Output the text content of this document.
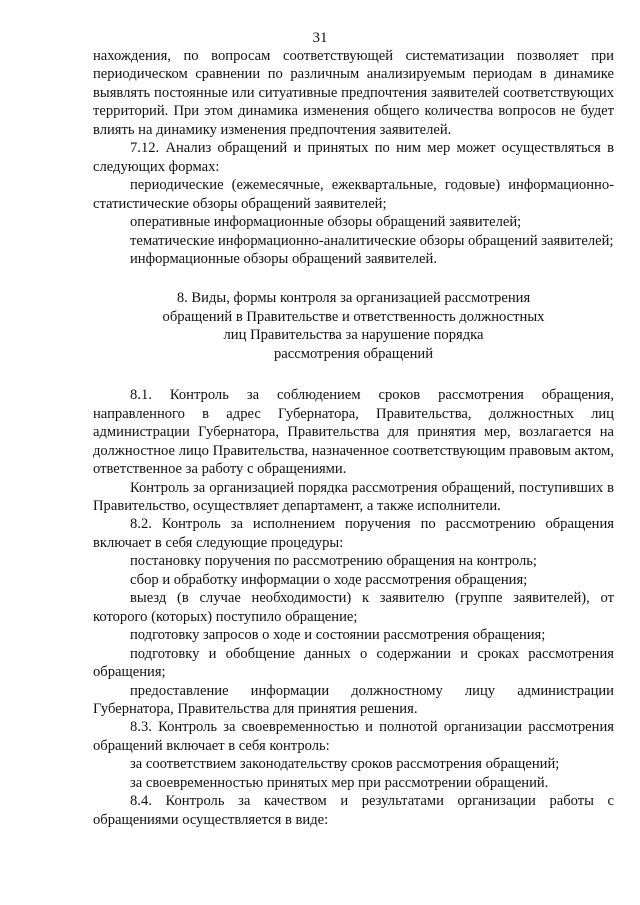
31

нахождения, по вопросам соответствующей систематизации позволяет при периодическом сравнении по различным анализируемым периодам в динамике выявлять постоянные или ситуативные предпочтения заявителей соответствующих территорий. При этом динамика изменения общего количества вопросов не будет влиять на динамику изменения предпочтения заявителей.

7.12. Анализ обращений и принятых по ним мер может осуществляться в следующих формах:

периодические (ежемесячные, ежеквартальные, годовые) информационно-статистические обзоры обращений заявителей;

оперативные информационные обзоры обращений заявителей;

тематические информационно-аналитические обзоры обращений заявителей;

информационные обзоры обращений заявителей.

8. Виды, формы контроля за организацией рассмотрения
обращений в Правительстве и ответственность должностных
лиц Правительства за нарушение порядка
рассмотрения обращений

8.1. Контроль за соблюдением сроков рассмотрения обращения, направленного в адрес Губернатора, Правительства, должностных лиц администрации Губернатора, Правительства для принятия мер, возлагается на должностное лицо Правительства, назначенное соответствующим правовым актом, ответственное за работу с обращениями.

Контроль за организацией порядка рассмотрения обращений, поступивших в Правительство, осуществляет департамент, а также исполнители.

8.2. Контроль за исполнением поручения по рассмотрению обращения включает в себя следующие процедуры:

постановку поручения по рассмотрению обращения на контроль;

сбор и обработку информации о ходе рассмотрения обращения;

выезд (в случае необходимости) к заявителю (группе заявителей), от которого (которых) поступило обращение;

подготовку запросов о ходе и состоянии рассмотрения обращения;

подготовку и обобщение данных о содержании и сроках рассмотрения обращения;

предоставление информации должностному лицу администрации Губернатора, Правительства для принятия решения.

8.3. Контроль за своевременностью и полнотой организации рассмотрения обращений включает в себя контроль:

за соответствием законодательству сроков рассмотрения обращений;

за своевременностью принятых мер при рассмотрении обращений.

8.4. Контроль за качеством и результатами организации работы с обращениями осуществляется в виде:
